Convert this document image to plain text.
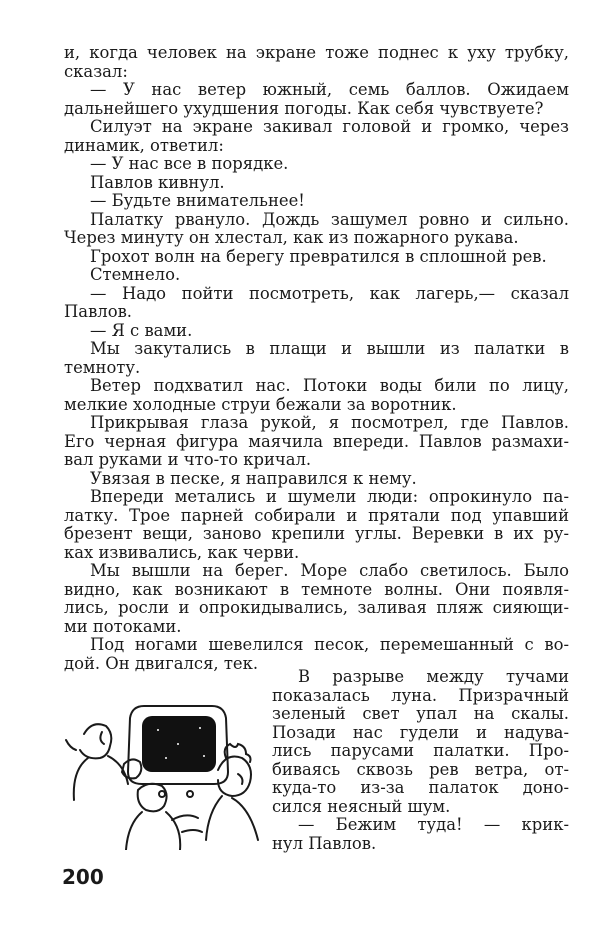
и, когда человек на экране тоже поднес к уху трубку,
сказал:
— У нас ветер южный, семь баллов. Ожидаем
дальнейшего ухудшения погоды. Как себя чувствуете?
Силуэт на экране закивал головой и громко, через
динамик, ответил:
— У нас все в порядке.
Павлов кивнул.
— Будьте внимательнее!
Палатку рвануло. Дождь зашумел ровно и сильно.
Через минуту он хлестал, как из пожарного рукава.
Грохот волн на берегу превратился в сплошной рев.
Стемнело.
— Надо пойти посмотреть, как лагерь,— сказал
Павлов.
— Я с вами.
Мы закутались в плащи и вышли из палатки в
темноту.
Ветер подхватил нас. Потоки воды били по лицу,
мелкие холодные струи бежали за воротник.
Прикрывая глаза рукой, я посмотрел, где Павлов.
Его черная фигура маячила впереди. Павлов размахи-
вал руками и что-то кричал.
Увязая в песке, я направился к нему.
Впереди метались и шумели люди: опрокинуло па-
латку. Трое парней собирали и прятали под упавший
брезент вещи, заново крепили углы. Веревки в их ру-
ках извивались, как черви.
Мы вышли на берег. Море слабо светилось. Было
видно, как возникают в темноте волны. Они появля-
лись, росли и опрокидывались, заливая пляж сияющи-
ми потоками.
Под ногами шевелился песок, перемешанный с во-
дой. Он двигался, тек.
В разрыве между тучами
показалась луна. Призрачный
зеленый свет упал на скалы.
Позади нас гудели и надува-
лись парусами палатки. Про-
биваясь сквозь рев ветра, от-
куда-то из-за палаток доно-
сился неясный шум.
— Бежим туда! — крик-
нул Павлов.
200
